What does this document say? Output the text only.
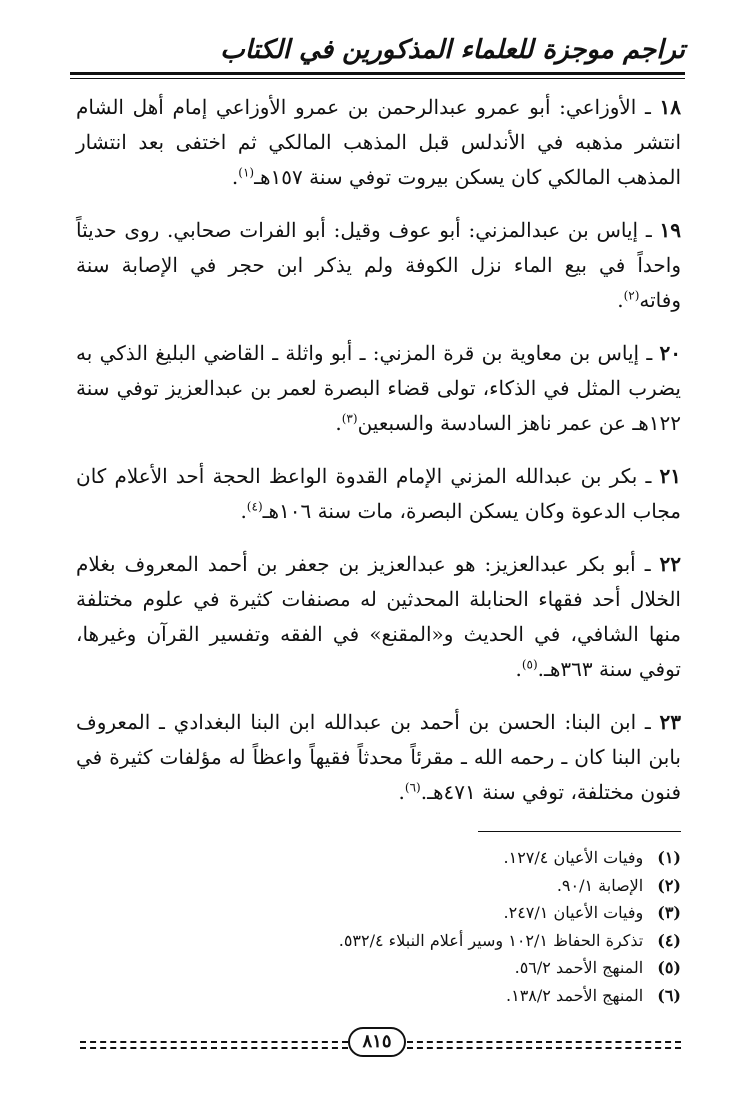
تراجم موجزة للعلماء المذكورين في الكتاب

١٨ ـ الأوزاعي: أبو عمرو عبدالرحمن بن عمرو الأوزاعي إمام أهل الشام انتشر مذهبه في الأندلس قبل المذهب المالكي ثم اختفى بعد انتشار المذهب المالكي كان يسكن بيروت توفي سنة ١٥٧هـ$^{(١)}$.

١٩ ـ إياس بن عبدالمزني: أبو عوف وقيل: أبو الفرات صحابي. روى حديثاً واحداً في بيع الماء نزل الكوفة ولم يذكر ابن حجر في الإصابة سنة وفاته$^{(٢)}$.

٢٠ ـ إياس بن معاوية بن قرة المزني: ـ أبو واثلة ـ القاضي البليغ الذكي به يضرب المثل في الذكاء، تولى قضاء البصرة لعمر بن عبدالعزيز توفي سنة ١٢٢هـ عن عمر ناهز السادسة والسبعين$^{(٣)}$.

٢١ ـ بكر بن عبدالله المزني الإمام القدوة الواعظ الحجة أحد الأعلام كان مجاب الدعوة وكان يسكن البصرة، مات سنة ١٠٦هـ$^{(٤)}$.

٢٢ ـ أبو بكر عبدالعزيز: هو عبدالعزيز بن جعفر بن أحمد المعروف بغلام الخلال أحد فقهاء الحنابلة المحدثين له مصنفات كثيرة في علوم مختلفة منها الشافي، في الحديث و«المقنع» في الفقه وتفسير القرآن وغيرها، توفي سنة ٣٦٣هـ.$^{(٥)}$.

٢٣ ـ ابن البنا: الحسن بن أحمد بن عبدالله ابن البنا البغدادي ـ المعروف بابن البنا كان ـ رحمه الله ـ مقرئاً محدثاً فقيهاً واعظاً له مؤلفات كثيرة في فنون مختلفة، توفي سنة ٤٧١هـ.$^{(٦)}$.

(١)وفيات الأعيان ١٢٧/٤.
(٢)الإصابة ٩٠/١.
(٣)وفيات الأعيان ٢٤٧/١.
(٤)تذكرة الحفاظ ١٠٢/١ وسير أعلام النبلاء ٥٣٢/٤.
(٥)المنهج الأحمد ٥٦/٢.
(٦)المنهج الأحمد ١٣٨/٢.
٨١٥
